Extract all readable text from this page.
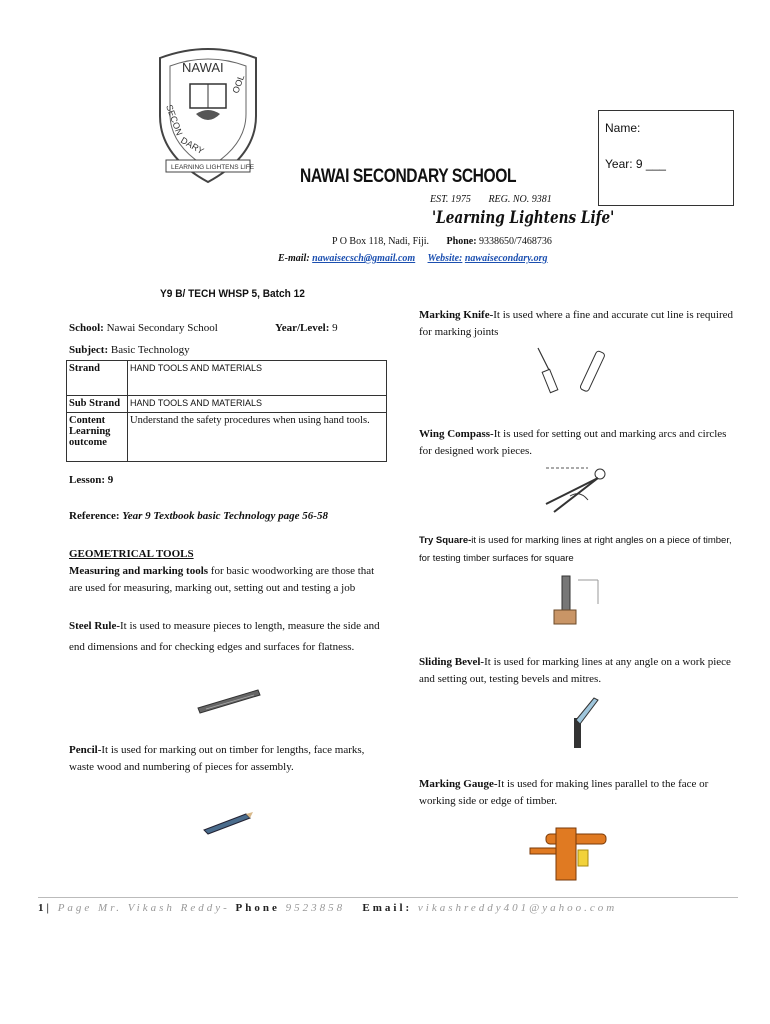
NAWAI
SECON
OOL
DARY
LEARNING LIGHTENS LIFE
Name:
Year: 9 ___
NAWAI SECONDARY SCHOOL
EST. 1975 REG. NO. 9381
'Learning Lightens Life'
P O Box 118, Nadi, Fiji. Phone: 9338650/7468736
E-mail: nawaisecsch@gmail.com Website: nawaisecondary.org
Y9 B/ TECH WHSP 5, Batch 12
School: Nawai Secondary School	Year/Level: 9
Subject: Basic Technology
Strand	HAND TOOLS AND MATERIALS
Sub Strand	HAND TOOLS AND MATERIALS
Content
Learning
outcome	Understand the safety procedures when using hand tools.
Lesson: 9
Reference: Year 9 Textbook basic Technology page 56-58
GEOMETRICAL TOOLS
Measuring and marking tools for basic woodworking are those that are used for measuring, marking out, setting out and testing a job
Steel Rule-It is used to measure pieces to length, measure the side and end dimensions and for checking edges and surfaces for flatness.
Pencil-It is used for marking out on timber for lengths, face marks, waste wood and numbering of pieces for assembly.
Marking Knife-It is used where a fine and accurate cut line is required for marking joints
Wing Compass-It is used for setting out and marking arcs and circles for designed work pieces.
Try Square-it is used for marking lines at right angles on a piece of timber, for testing timber surfaces for square
Sliding Bevel-It is used for marking lines at any angle on a work piece and setting out, testing bevels and mitres.
Marking Gauge-It is used for making lines parallel to the face or working side or edge of timber.
1| Page Mr. Vikash Reddy- Phone 9523858 Email: vikashreddy401@yahoo.com
